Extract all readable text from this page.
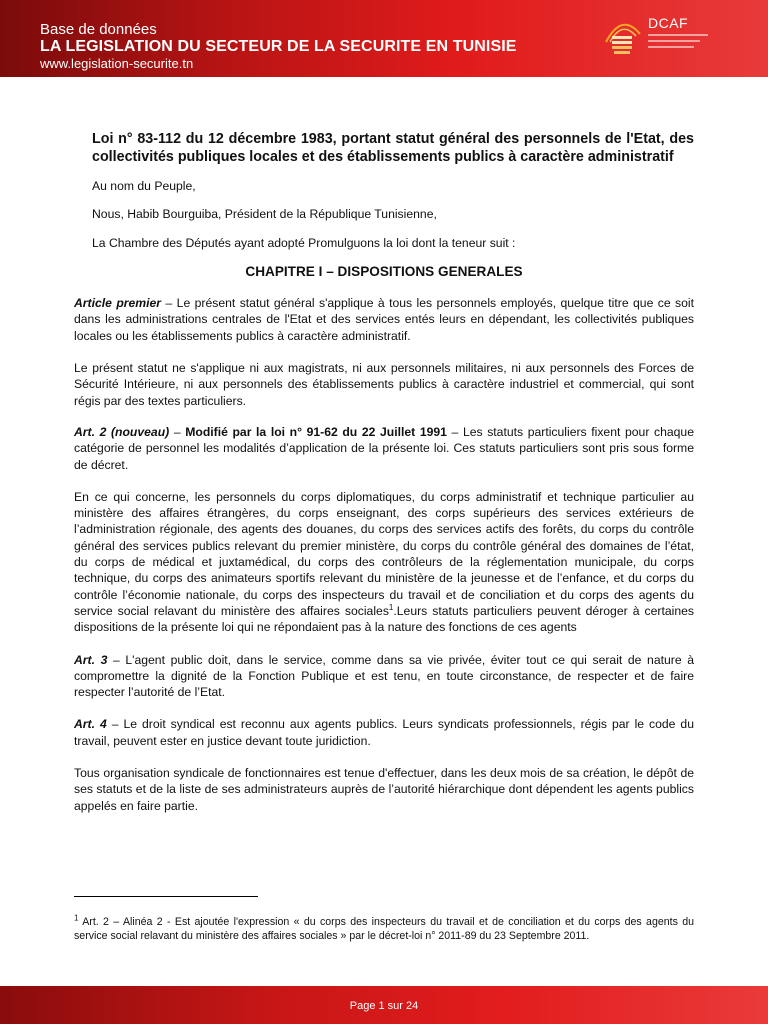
Base de données
LA LEGISLATION DU SECTEUR DE LA SECURITE EN TUNISIE
www.legislation-securite.tn
DCAF

Loi n° 83-112 du 12 décembre 1983, portant statut général des personnels de l'Etat, des collectivités publiques locales et des établissements publics à caractère administratif

Au nom du Peuple,

Nous, Habib Bourguiba, Président de la République Tunisienne,

La Chambre des Députés ayant adopté Promulguons la loi dont la teneur suit :

CHAPITRE I – DISPOSITIONS GENERALES

Article premier – Le présent statut général s'applique à tous les personnels employés, quelque titre que ce soit dans les administrations centrales de l'Etat et des services entés leurs en dépendant, les collectivités publiques locales ou les établissements publics à caractère administratif.

Le présent statut ne s'applique ni aux magistrats, ni aux personnels militaires, ni aux personnels des Forces de Sécurité Intérieure, ni aux personnels des établissements publics à caractère industriel et commercial, qui sont régis par des textes particuliers.

Art. 2 (nouveau) – Modifié par la loi n° 91-62 du 22 Juillet 1991 – Les statuts particuliers fixent pour chaque catégorie de personnel les modalités d’application de la présente loi. Ces statuts particuliers sont pris sous forme de décret.

En ce qui concerne, les personnels du corps diplomatiques, du corps administratif et technique particulier au ministère des affaires étrangères, du corps enseignant, des corps supérieurs des services extérieurs de l’administration régionale, des agents des douanes, du corps des services actifs des forêts, du corps du contrôle général des services publics relevant du premier ministère, du corps du contrôle général des domaines de l’état, du corps de médical et juxtamédical, du corps des contrôleurs de la réglementation municipale, du corps technique, du corps des animateurs sportifs relevant du ministère de la jeunesse et de l’enfance, et du corps du contrôle l’économie nationale, du corps des inspecteurs du travail et de conciliation et du corps des agents du service social relavant du ministère des affaires sociales$^1$.Leurs statuts particuliers peuvent déroger à certaines dispositions de la présente loi qui ne répondaient pas à la nature des fonctions de ces agents

Art. 3 – L'agent public doit, dans le service, comme dans sa vie privée, éviter tout ce qui serait de nature à compromettre la dignité de la Fonction Publique et est tenu, en toute circonstance, de respecter et de faire respecter l’autorité de l’Etat.

Art. 4 – Le droit syndical est reconnu aux agents publics. Leurs syndicats professionnels, régis par le code du travail, peuvent ester en justice devant toute juridiction.

Tous organisation syndicale de fonctionnaires est tenue d'effectuer, dans les deux mois de sa création, le dépôt de ses statuts et de la liste de ses administrateurs auprès de l’autorité hiérarchique dont dépendent les agents publics appelés en faire partie.

$^1$ Art. 2 – Alinéa 2 - Est ajoutée l'expression « du corps des inspecteurs du travail et de conciliation et du corps des agents du service social relavant du ministère des affaires sociales » par le décret-loi n° 2011-89 du 23 Septembre 2011.
Page 1 sur 24
